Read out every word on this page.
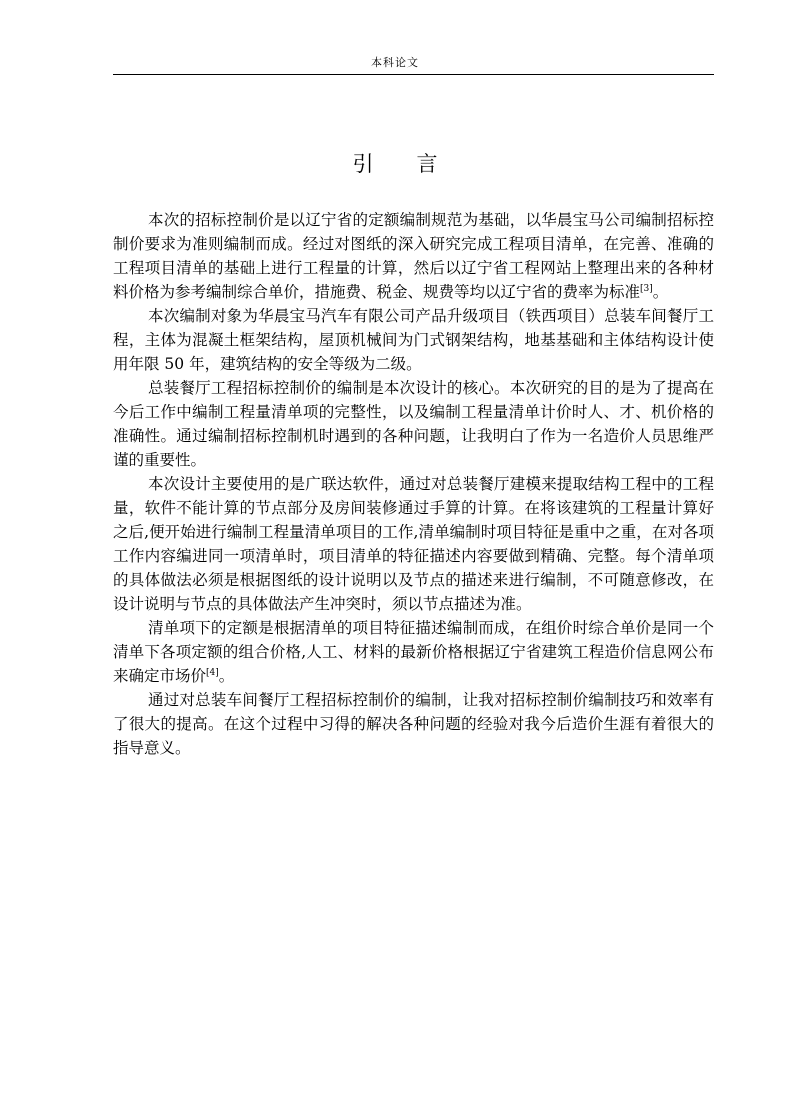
本科论文
引言

本次的招标控制价是以辽宁省的定额编制规范为基础，以华晨宝马公司编制招标控制价要求为准则编制而成。经过对图纸的深入研究完成工程项目清单，在完善、准确的工程项目清单的基础上进行工程量的计算，然后以辽宁省工程网站上整理出来的各种材料价格为参考编制综合单价，措施费、税金、规费等均以辽宁省的费率为标准[3]。

本次编制对象为华晨宝马汽车有限公司产品升级项目（铁西项目）总装车间餐厅工程，主体为混凝土框架结构，屋顶机械间为门式钢架结构，地基基础和主体结构设计使用年限 50 年，建筑结构的安全等级为二级。

总装餐厅工程招标控制价的编制是本次设计的核心。本次研究的目的是为了提高在今后工作中编制工程量清单项的完整性，以及编制工程量清单计价时人、才、机价格的准确性。通过编制招标控制机时遇到的各种问题，让我明白了作为一名造价人员思维严谨的重要性。

本次设计主要使用的是广联达软件，通过对总装餐厅建模来提取结构工程中的工程量，软件不能计算的节点部分及房间装修通过手算的计算。在将该建筑的工程量计算好之后,便开始进行编制工程量清单项目的工作,清单编制时项目特征是重中之重，在对各项工作内容编进同一项清单时，项目清单的特征描述内容要做到精确、完整。每个清单项的具体做法必须是根据图纸的设计说明以及节点的描述来进行编制，不可随意修改，在设计说明与节点的具体做法产生冲突时，须以节点描述为准。

清单项下的定额是根据清单的项目特征描述编制而成，在组价时综合单价是同一个清单下各项定额的组合价格,人工、材料的最新价格根据辽宁省建筑工程造价信息网公布来确定市场价[4]。

通过对总装车间餐厅工程招标控制价的编制，让我对招标控制价编制技巧和效率有了很大的提高。在这个过程中习得的解决各种问题的经验对我今后造价生涯有着很大的指导意义。
